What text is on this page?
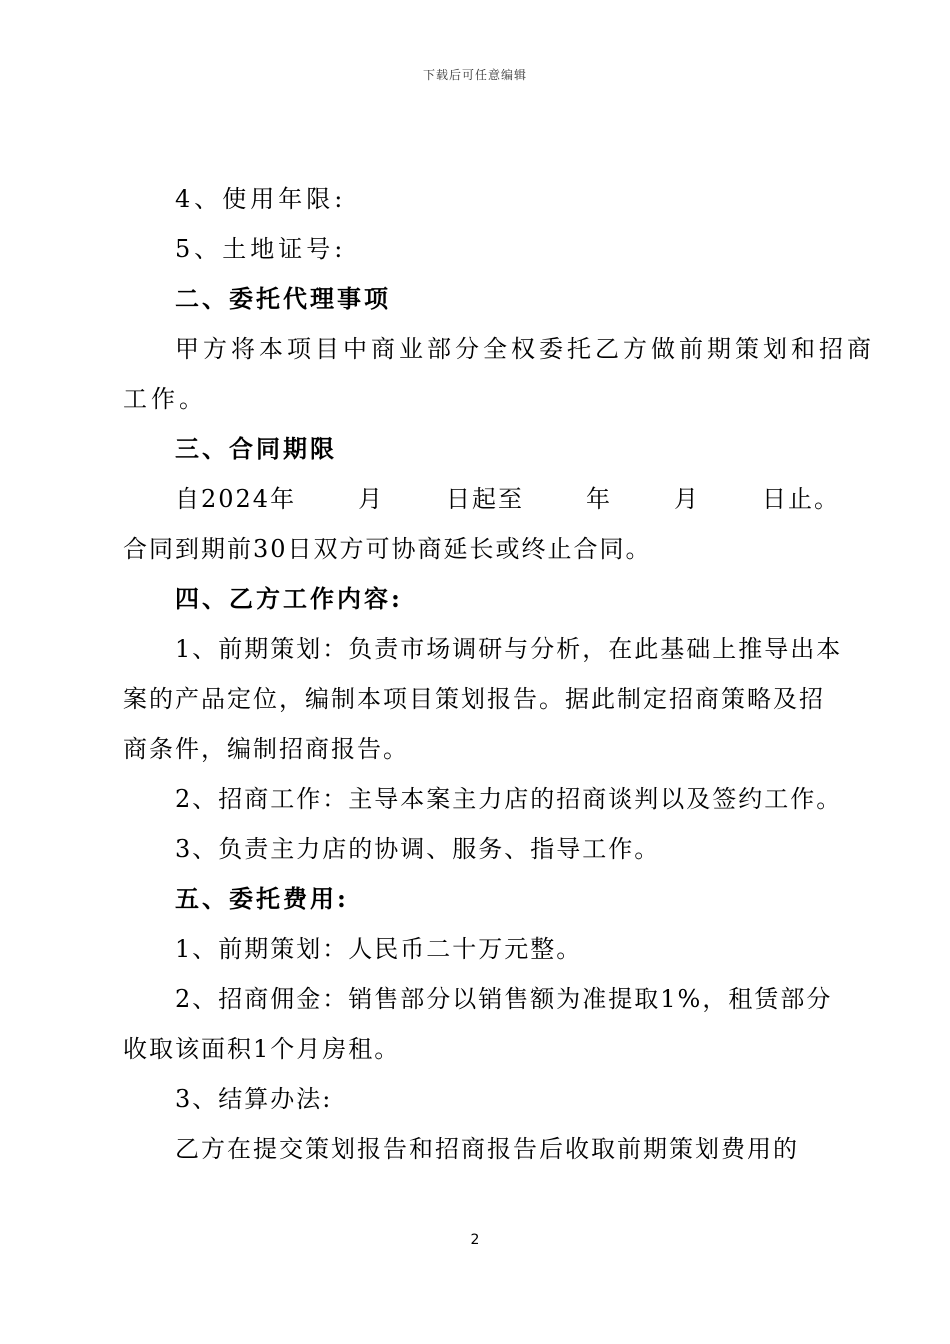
下载后可任意编辑
4、使用年限:
5、土地证号:
二、委托代理事项
甲方将本项目中商业部分全权委托乙方做前期策划和招商
工作。
三、合同期限
自2024年	月	日起至	年	月	日止。
合同到期前30日双方可协商延长或终止合同。
四、乙方工作内容:
1、前期策划：负责市场调研与分析，在此基础上推导出本
案的产品定位，编制本项目策划报告。据此制定招商策略及招
商条件，编制招商报告。
2、招商工作：主导本案主力店的招商谈判以及签约工作。
3、负责主力店的协调、服务、指导工作。
五、委托费用:
1、前期策划：人民币二十万元整。
2、招商佣金：销售部分以销售额为准提取1%，租赁部分
收取该面积1个月房租。
3、结算办法:
乙方在提交策划报告和招商报告后收取前期策划费用的
2
